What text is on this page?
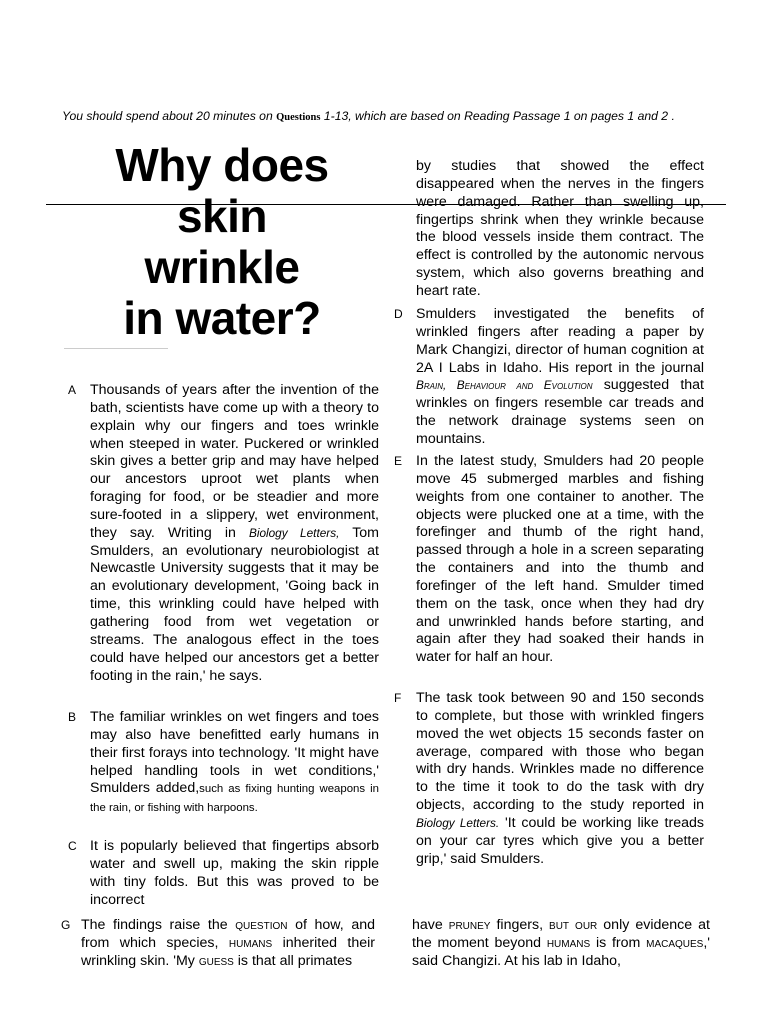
You should spend about 20 minutes on Questions 1-13, which are based on Reading Passage 1 on pages 1 and 2 .
Why does
skin
wrinkle
in water?
A Thousands of years after the invention of the bath, scientists have come up with a theory to explain why our fingers and toes wrinkle when steeped in water. Puckered or wrinkled skin gives a better grip and may have helped our ancestors uproot wet plants when foraging for food, or be steadier and more sure-footed in a slippery, wet environment, they say. Writing in Biology Letters, Tom Smulders, an evolutionary neurobiologist at Newcastle University suggests that it may be an evolutionary development, 'Going back in time, this wrinkling could have helped with gathering food from wet vegetation or streams. The analogous effect in the toes could have helped our ancestors get a better footing in the rain,' he says.
B The familiar wrinkles on wet fingers and toes may also have benefitted early humans in their first forays into technology. 'It might have helped handling tools in wet conditions,' Smulders added,such as fixing hunting weapons in the rain, or fishing with harpoons.
C It is popularly believed that fingertips absorb water and swell up, making the skin ripple with tiny folds. But this was proved to be incorrect
by studies that showed the effect disappeared when the nerves in the fingers were damaged. Rather than swelling up, fingertips shrink when they wrinkle because the blood vessels inside them contract. The effect is controlled by the autonomic nervous system, which also governs breathing and heart rate.
D Smulders investigated the benefits of wrinkled fingers after reading a paper by Mark Changizi, director of human cognition at 2A I Labs in Idaho. His report in the journal Brain, Behaviour and Evolution suggested that wrinkles on fingers resemble car treads and the network drainage systems seen on mountains.
E In the latest study, Smulders had 20 people move 45 submerged marbles and fishing weights from one container to another. The objects were plucked one at a time, with the forefinger and thumb of the right hand, passed through a hole in a screen separating the containers and into the thumb and forefinger of the left hand. Smulder timed them on the task, once when they had dry and unwrinkled hands before starting, and again after they had soaked their hands in water for half an hour.
F The task took between 90 and 150 seconds to complete, but those with wrinkled fingers moved the wet objects 15 seconds faster on average, compared with those who began with dry hands. Wrinkles made no difference to the time it took to do the task with dry objects, according to the study reported in Biology Letters. 'It could be working like treads on your car tyres which give you a better grip,' said Smulders.
G The findings raise the question of how, and from which species, humans inherited their wrinkling skin. 'My guess is that all primates
have pruney fingers, but our only evidence at the moment beyond humans is from macaques,' said Changizi. At his lab in Idaho,
